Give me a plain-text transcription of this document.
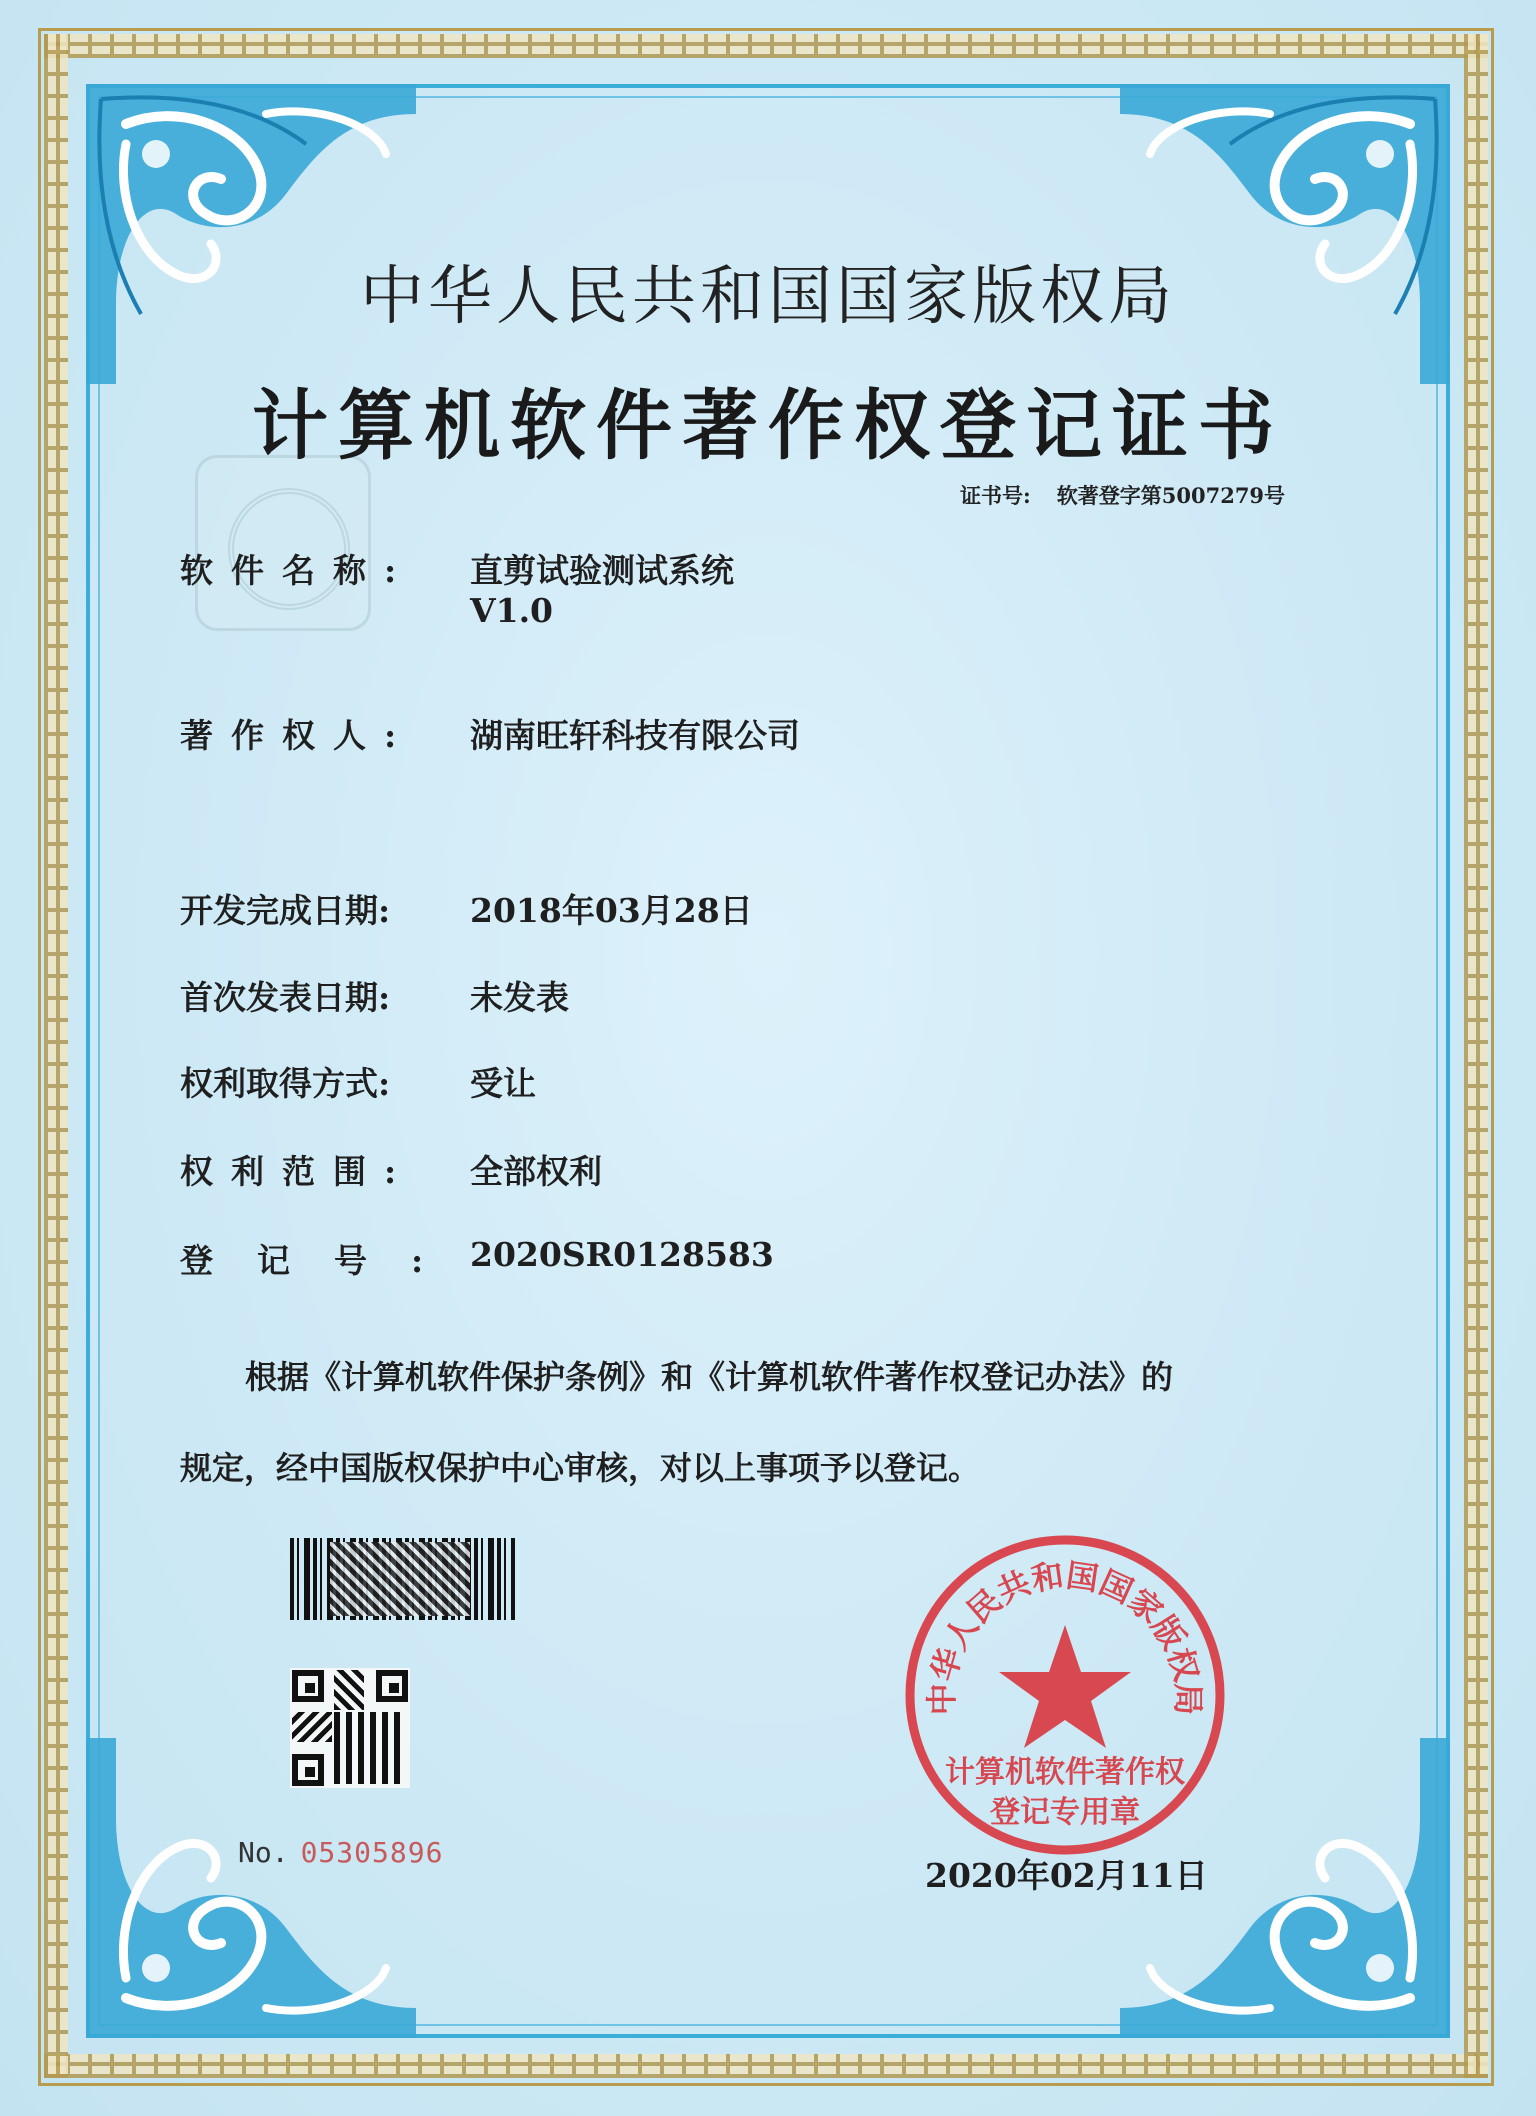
中华人民共和国国家版权局
计算机软件著作权登记证书
证书号: 软著登字第5007279号
软件名称:	直剪试验测试系统
V1.0
著作权人:	湖南旺轩科技有限公司
开发完成日期:	2018年03月28日
首次发表日期:	未发表
权利取得方式:	受让
权利范围:	全部权利
登记号: 2020SR0128583
根据《计算机软件保护条例》和《计算机软件著作权登记办法》的
规定，经中国版权保护中心审核，对以上事项予以登记。
No. 05305896
中华人民共和国国家版权局
计算机软件著作权
登记专用章
2020年02月11日
